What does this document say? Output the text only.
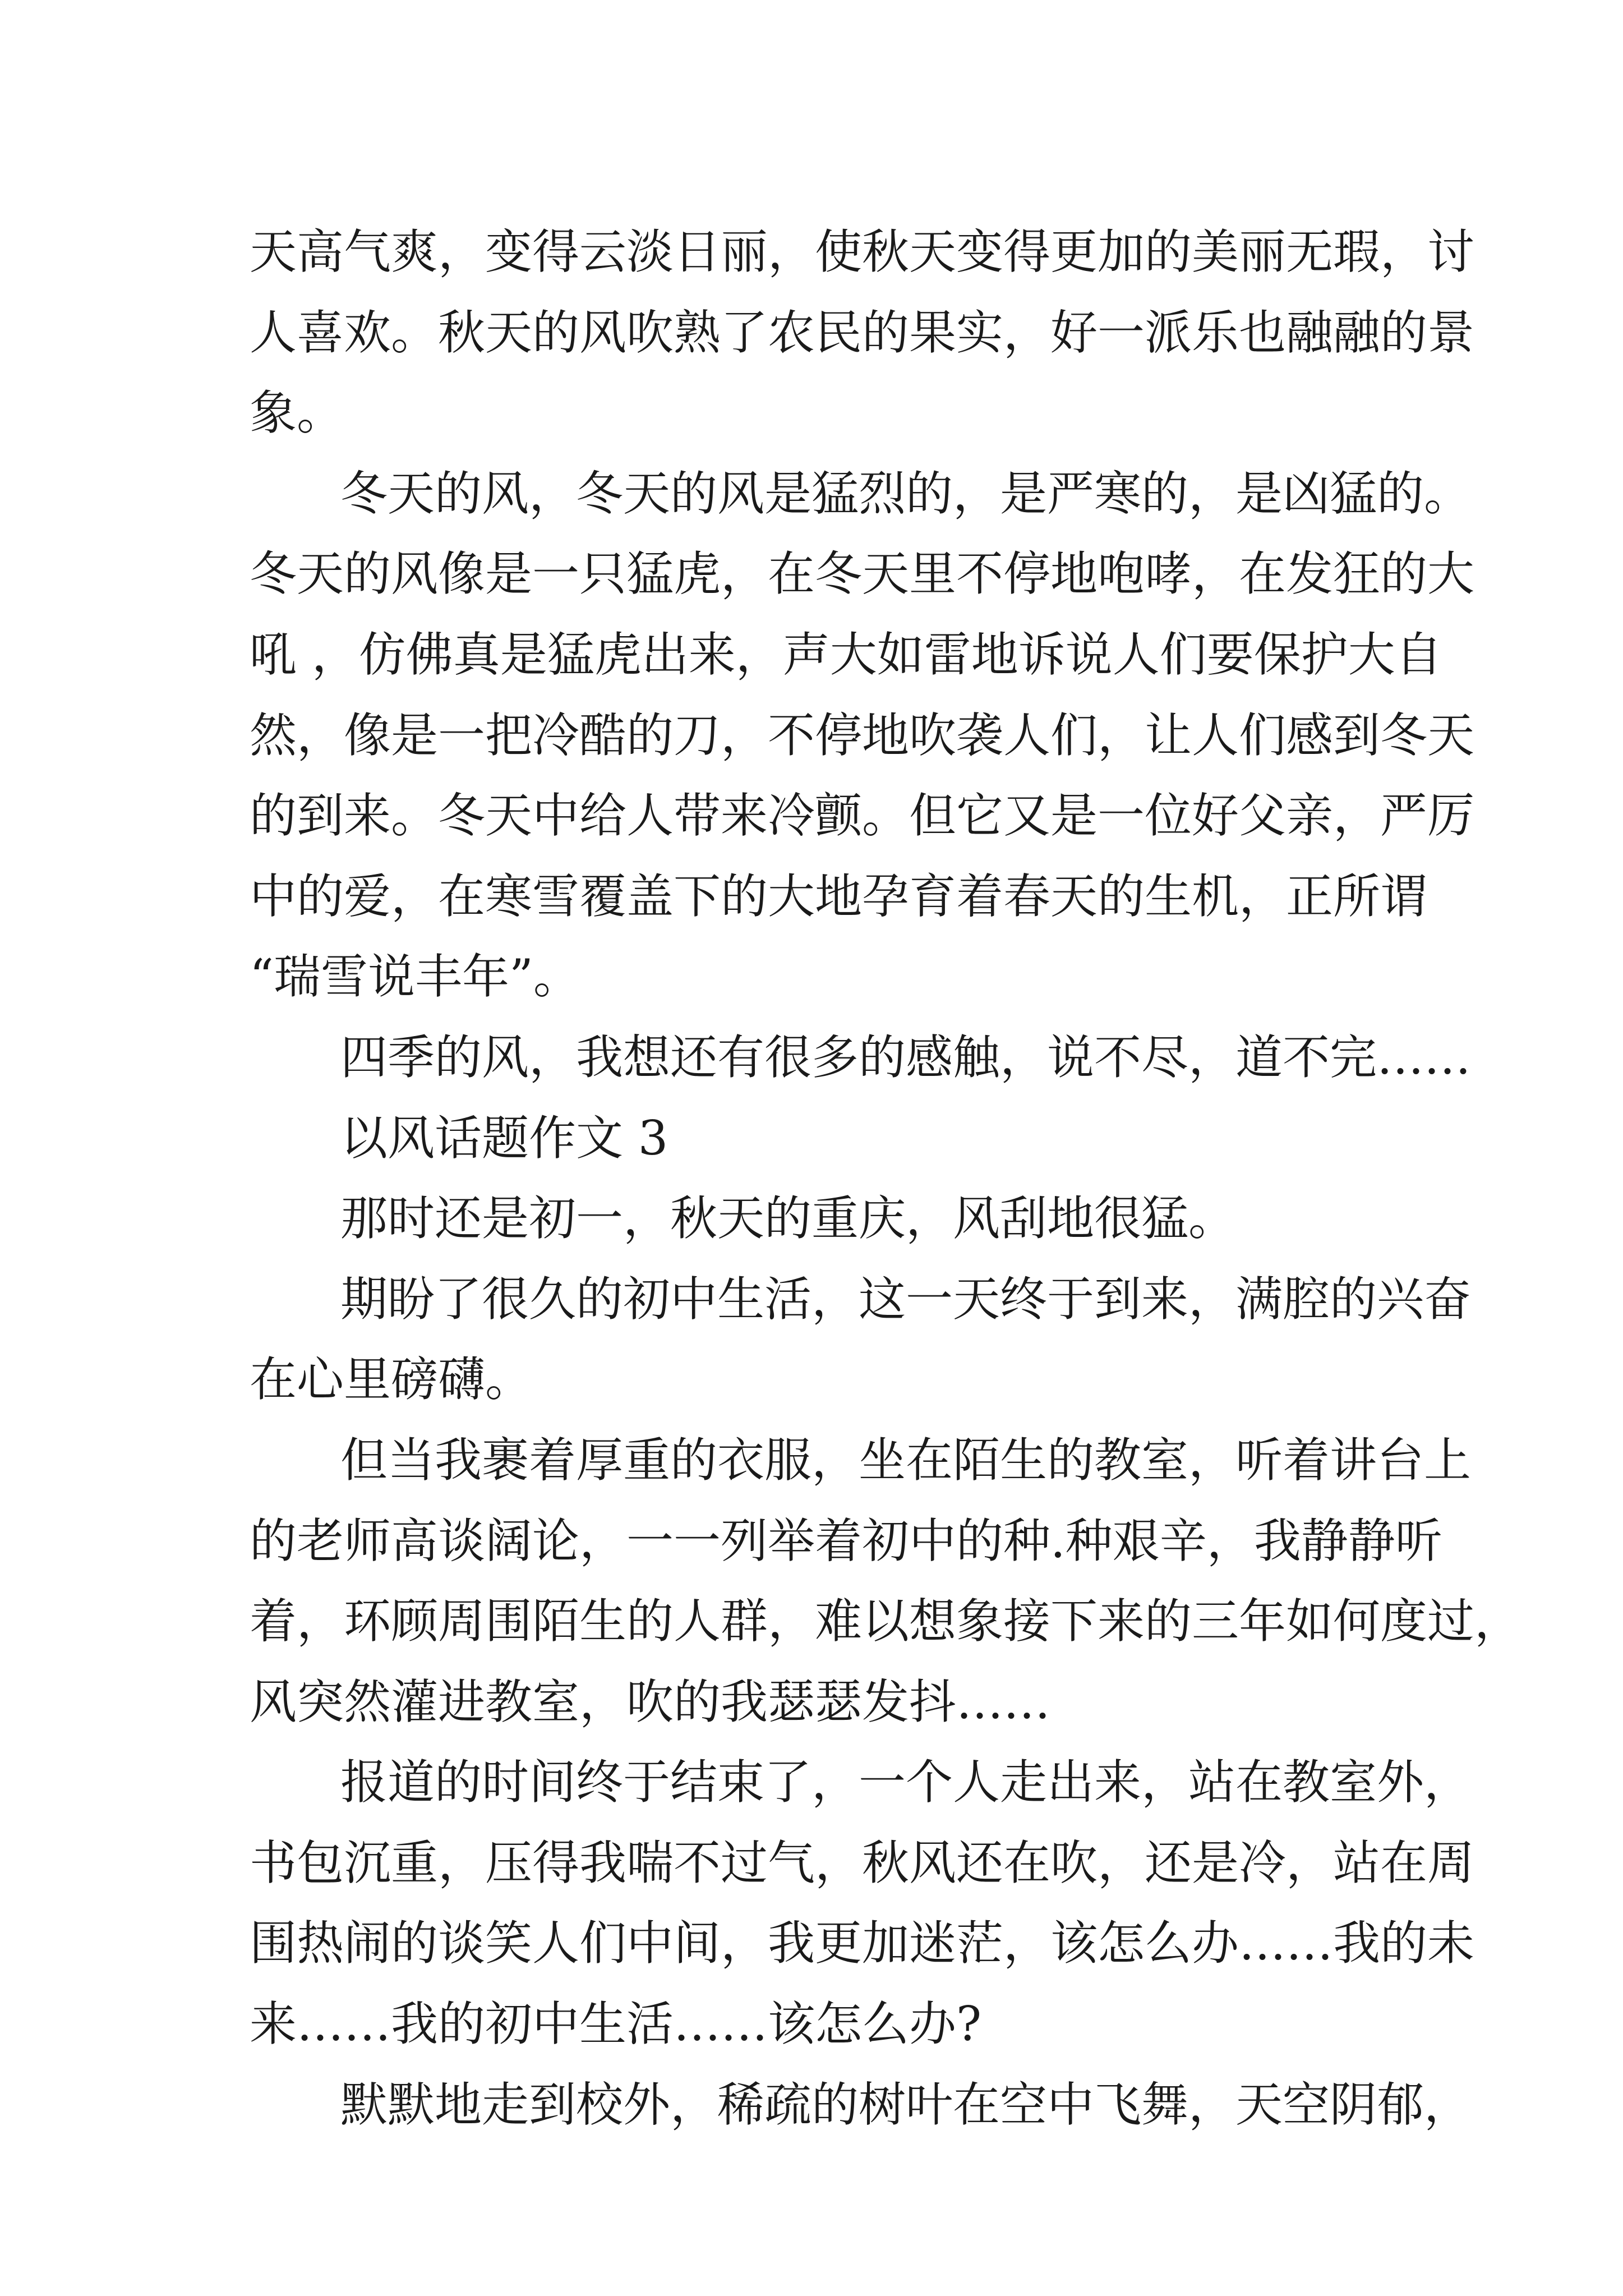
天高气爽，变得云淡日丽，使秋天变得更加的美丽无瑕，讨
人喜欢。秋天的风吹熟了农民的果实，好一派乐也融融的景
象。
冬天的风，冬天的风是猛烈的，是严寒的，是凶猛的。
冬天的风像是一只猛虎，在冬天里不停地咆哮，在发狂的大
吼 ，仿佛真是猛虎出来，声大如雷地诉说人们要保护大自
然，像是一把冷酷的刀，不停地吹袭人们，让人们感到冬天
的到来。冬天中给人带来冷颤。但它又是一位好父亲，严厉
中的爱，在寒雪覆盖下的大地孕育着春天的生机，正所谓
“瑞雪说丰年”。
四季的风，我想还有很多的感触，说不尽，道不完……
以风话题作文 3
那时还是初一，秋天的重庆，风刮地很猛。
期盼了很久的初中生活，这一天终于到来，满腔的兴奋
在心里磅礴。
但当我裹着厚重的衣服，坐在陌生的教室，听着讲台上
的老师高谈阔论，一一列举着初中的种.种艰辛，我静静听
着，环顾周围陌生的人群，难以想象接下来的三年如何度过，
风突然灌进教室，吹的我瑟瑟发抖……
报道的时间终于结束了，一个人走出来，站在教室外，
书包沉重，压得我喘不过气，秋风还在吹，还是冷，站在周
围热闹的谈笑人们中间，我更加迷茫，该怎么办……我的未
来……我的初中生活……该怎么办?
默默地走到校外，稀疏的树叶在空中飞舞，天空阴郁，
